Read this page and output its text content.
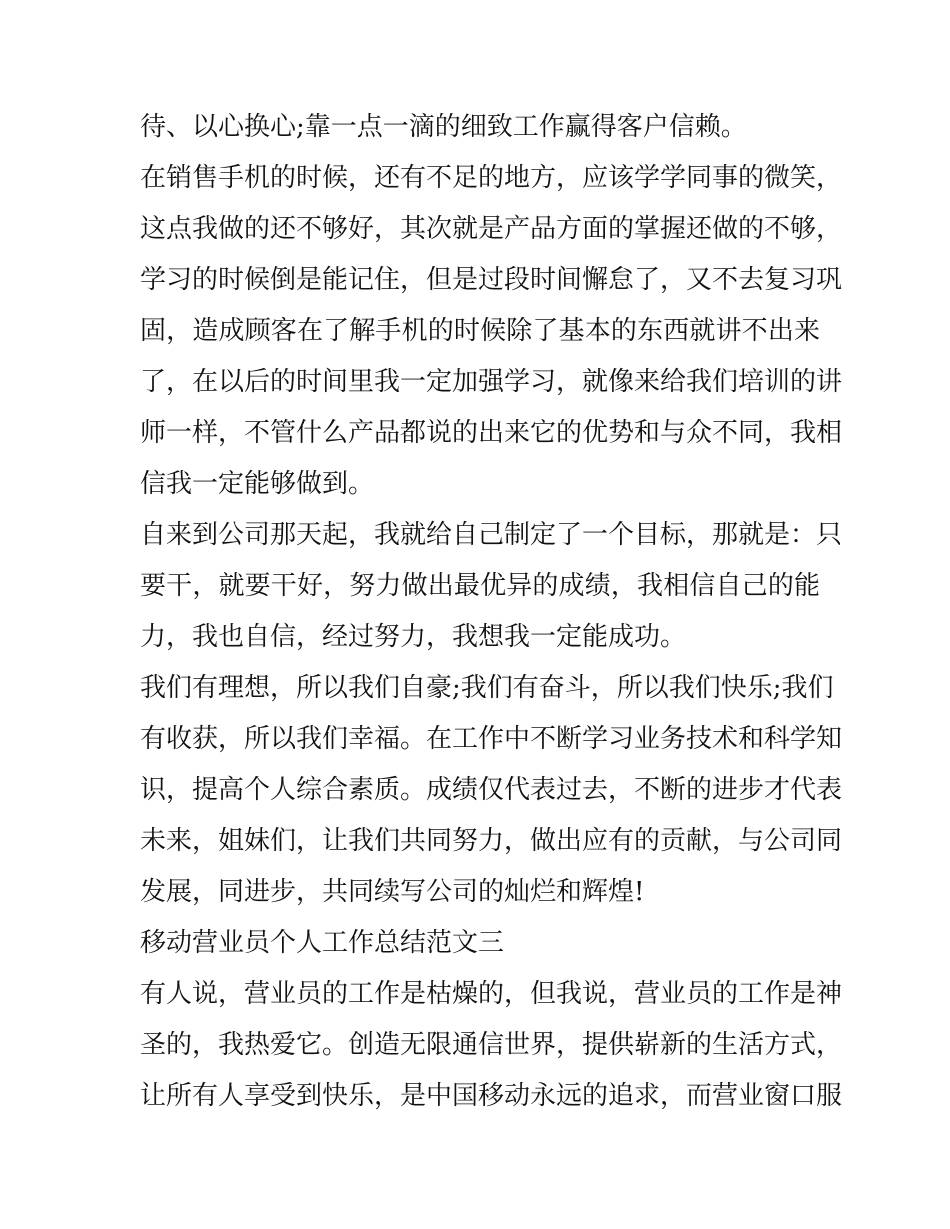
待、以心换心;靠一点一滴的细致工作赢得客户信赖。

在销售手机的时候，还有不足的地方，应该学学同事的微笑，
这点我做的还不够好，其次就是产品方面的掌握还做的不够，
学习的时候倒是能记住，但是过段时间懈怠了，又不去复习巩
固，造成顾客在了解手机的时候除了基本的东西就讲不出来
了，在以后的时间里我一定加强学习，就像来给我们培训的讲
师一样，不管什么产品都说的出来它的优势和与众不同，我相
信我一定能够做到。

自来到公司那天起，我就给自己制定了一个目标，那就是：只
要干，就要干好，努力做出最优异的成绩，我相信自己的能
力，我也自信，经过努力，我想我一定能成功。

我们有理想，所以我们自豪;我们有奋斗，所以我们快乐;我们
有收获，所以我们幸福。在工作中不断学习业务技术和科学知
识，提高个人综合素质。成绩仅代表过去，不断的进步才代表
未来，姐妹们，让我们共同努力，做出应有的贡献，与公司同
发展，同进步，共同续写公司的灿烂和辉煌!

移动营业员个人工作总结范文三

有人说，营业员的工作是枯燥的，但我说，营业员的工作是神
圣的，我热爱它。创造无限通信世界，提供崭新的生活方式，
让所有人享受到快乐，是中国移动永远的追求，而营业窗口服
